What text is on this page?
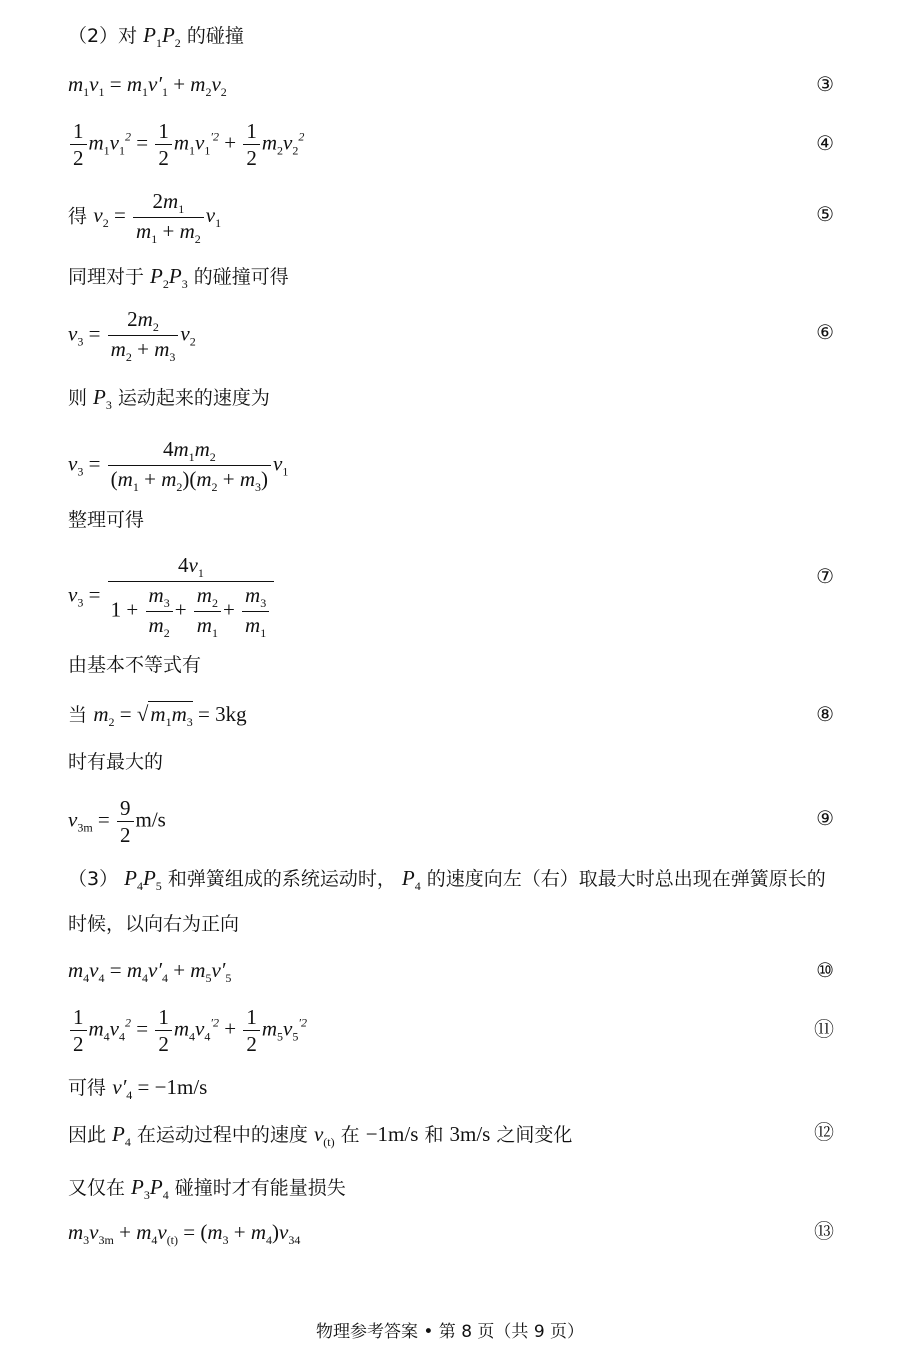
（2）对 $P_1P_2$ 的碰撞
$m_1v_1 = m_1v'_1 + m_2v_2$	③
$\frac{1}{2} m_1v_1^2 = \frac{1}{2} m_1v_1^{'2} + \frac{1}{2} m_2v_2^2$	④
得 $v_2 = \frac{2m_1}{m_1 + m_2} v_1$	⑤
同理对于 $P_2P_3$ 的碰撞可得
$v_3 = \frac{2m_2}{m_2 + m_3} v_2$	⑥
则 $P_3$ 运动起来的速度为
$v_3 = \frac{4m_1m_2}{(m_1 + m_2)(m_2 + m_3)} v_1$
整理可得
$v_3 = \frac{4v_1}{1 + \frac{m_3}{m_2} + \frac{m_2}{m_1} + \frac{m_3}{m_1}}$	⑦
由基本不等式有
当 $m_2 = √m_1m_3 = 3kg$	⑧
时有最大的
$v_{3m} = \frac{9}{2} m/s$	⑨
（3） $P_4P_5$ 和弹簧组成的系统运动时， $P_4$ 的速度向左（右）取最大时总出现在弹簧原长的
时候，以向右为正向
$m_4v_4 = m_4v'_4 + m_5v'_5$	⑩
$\frac{1}{2} m_4v_4^2 = \frac{1}{2} m_4v_4^{'2} + \frac{1}{2} m_5v_5^{'2}$	⑪
可得 $v'_4 = -1m/s$
因此 $P_4$ 在运动过程中的速度 $v_{(t)}$ 在 −1m/s 和 3m/s 之间变化	⑫
又仅在 $P_3P_4$ 碰撞时才有能量损失
$m_3v_{3m} + m_4v_{(t)} = (m_3 + m_4)v_{34}$	⑬
物理参考答案 • 第 8 页（共 9 页）
